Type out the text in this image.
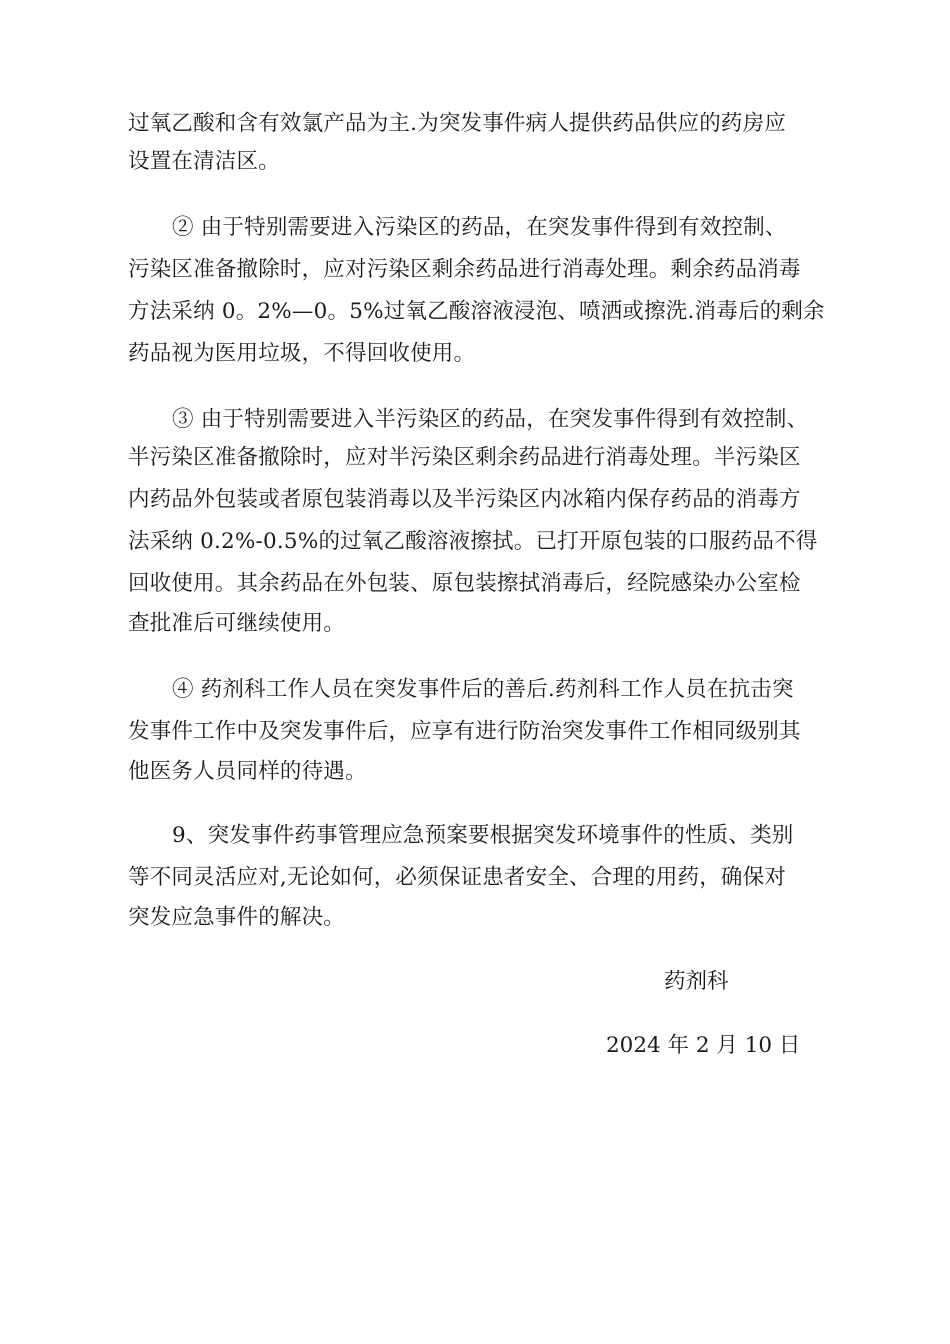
过氧乙酸和含有效氯产品为主.为突发事件病人提供药品供应的药房应
设置在清洁区。
② 由于特别需要进入污染区的药品，在突发事件得到有效控制、
污染区准备撤除时，应对污染区剩余药品进行消毒处理。剩余药品消毒
方法采纳 0。2%—0。5%过氧乙酸溶液浸泡、喷洒或擦洗.消毒后的剩余
药品视为医用垃圾，不得回收使用。
③ 由于特别需要进入半污染区的药品，在突发事件得到有效控制、
半污染区准备撤除时，应对半污染区剩余药品进行消毒处理。半污染区
内药品外包装或者原包装消毒以及半污染区内冰箱内保存药品的消毒方
法采纳 0.2%-0.5%的过氧乙酸溶液擦拭。已打开原包装的口服药品不得
回收使用。其余药品在外包装、原包装擦拭消毒后，经院感染办公室检
查批准后可继续使用。
④ 药剂科工作人员在突发事件后的善后.药剂科工作人员在抗击突
发事件工作中及突发事件后，应享有进行防治突发事件工作相同级别其
他医务人员同样的待遇。
9、突发事件药事管理应急预案要根据突发环境事件的性质、类别
等不同灵活应对,无论如何，必须保证患者安全、合理的用药，确保对
突发应急事件的解决。
药剂科
2024 年 2 月 10 日
